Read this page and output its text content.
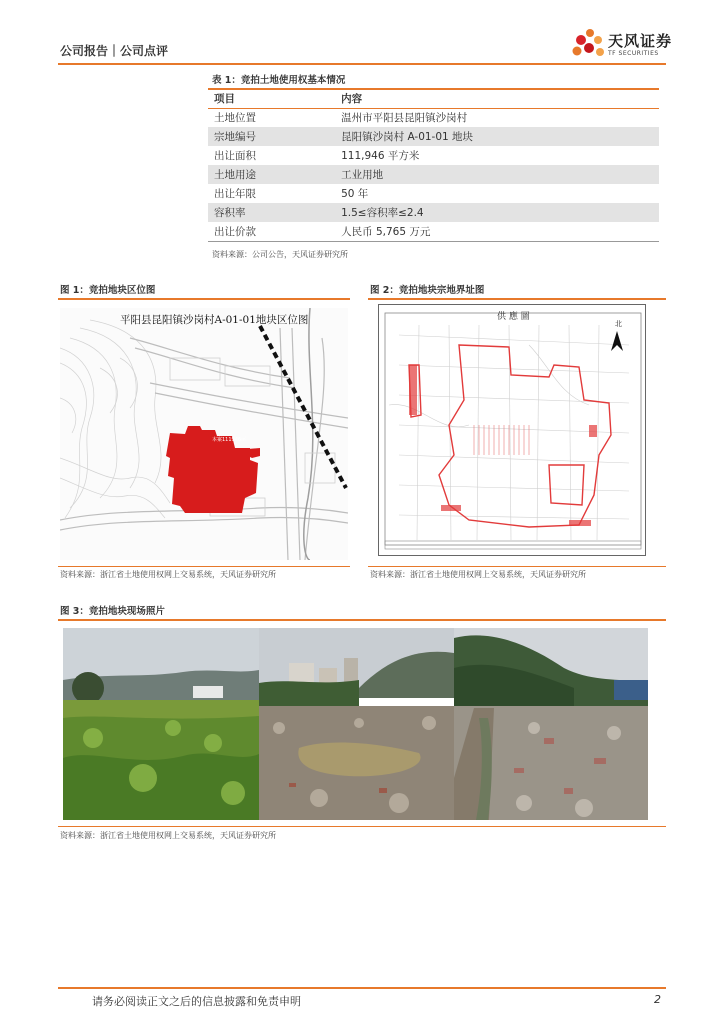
公司报告｜公司点评
天风证券
TF SECURITIES
表 1：竞拍土地使用权基本情况
项目	内容
土地位置	温州市平阳县昆阳镇沙岗村
宗地编号	昆阳镇沙岗村 A-01-01 地块
出让面积	111,946 平方米
土地用途	工业用地
出让年限	50 年
容积率	1.5≤容积率≤2.4
出让价款	人民币 5,765 万元
资料来源：公司公告，天风证券研究所
图 1：竞拍地块区位图
平阳县昆阳镇沙岗村A-01-01地块区位图
本案111946㎡
资料来源：浙江省土地使用权网上交易系统，天风证券研究所
图 2：竞拍地块宗地界址图
供 應 圖
北
资料来源：浙江省土地使用权网上交易系统，天风证券研究所
图 3：竞拍地块现场照片
资料来源：浙江省土地使用权网上交易系统，天风证券研究所
请务必阅读正文之后的信息披露和免责申明	2
